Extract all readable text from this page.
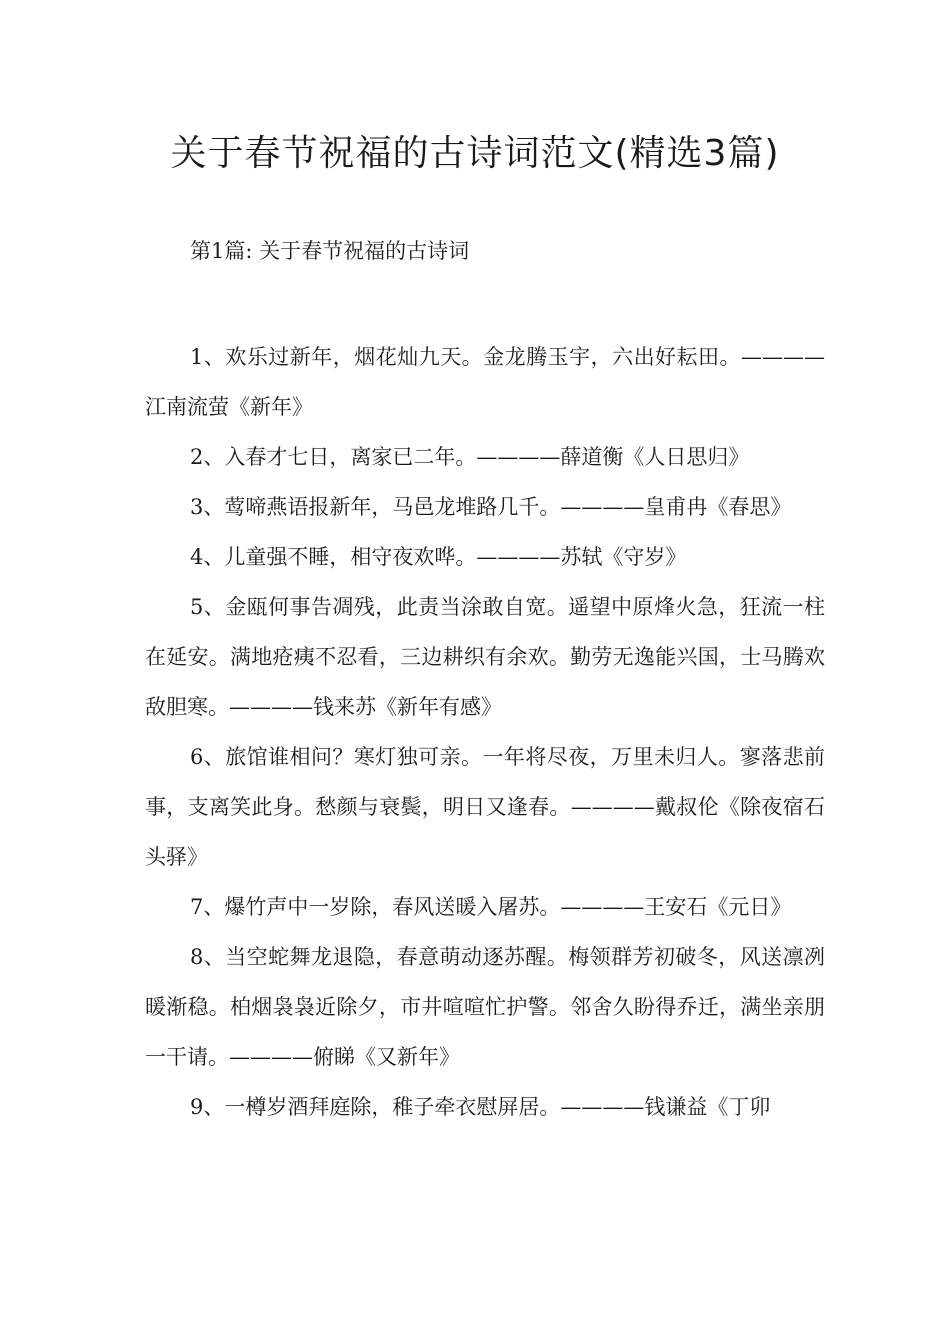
关于春节祝福的古诗词范文(精选3篇)
第1篇: 关于春节祝福的古诗词

1、欢乐过新年，烟花灿九天。金龙腾玉宇，六出好耘田。————江南流萤《新年》

2、入春才七日，离家已二年。————薛道衡《人日思归》

3、莺啼燕语报新年，马邑龙堆路几千。————皇甫冉《春思》

4、儿童强不睡，相守夜欢哗。————苏轼《守岁》

5、金瓯何事告凋残，此责当涂敢自宽。遥望中原烽火急，狂流一柱在延安。满地疮痍不忍看，三边耕织有余欢。勤劳无逸能兴国，士马腾欢敌胆寒。————钱来苏《新年有感》

6、旅馆谁相问？寒灯独可亲。一年将尽夜，万里未归人。寥落悲前事，支离笑此身。愁颜与衰鬓，明日又逢春。————戴叔伦《除夜宿石头驿》

7、爆竹声中一岁除，春风送暖入屠苏。————王安石《元日》

8、当空蛇舞龙退隐，春意萌动逐苏醒。梅领群芳初破冬，风送凛冽暖渐稳。柏烟袅袅近除夕，市井喧喧忙护警。邻舍久盼得乔迁，满坐亲朋一干请。————俯睇《又新年》

9、一樽岁酒拜庭除，稚子牵衣慰屏居。————钱谦益《丁卯
